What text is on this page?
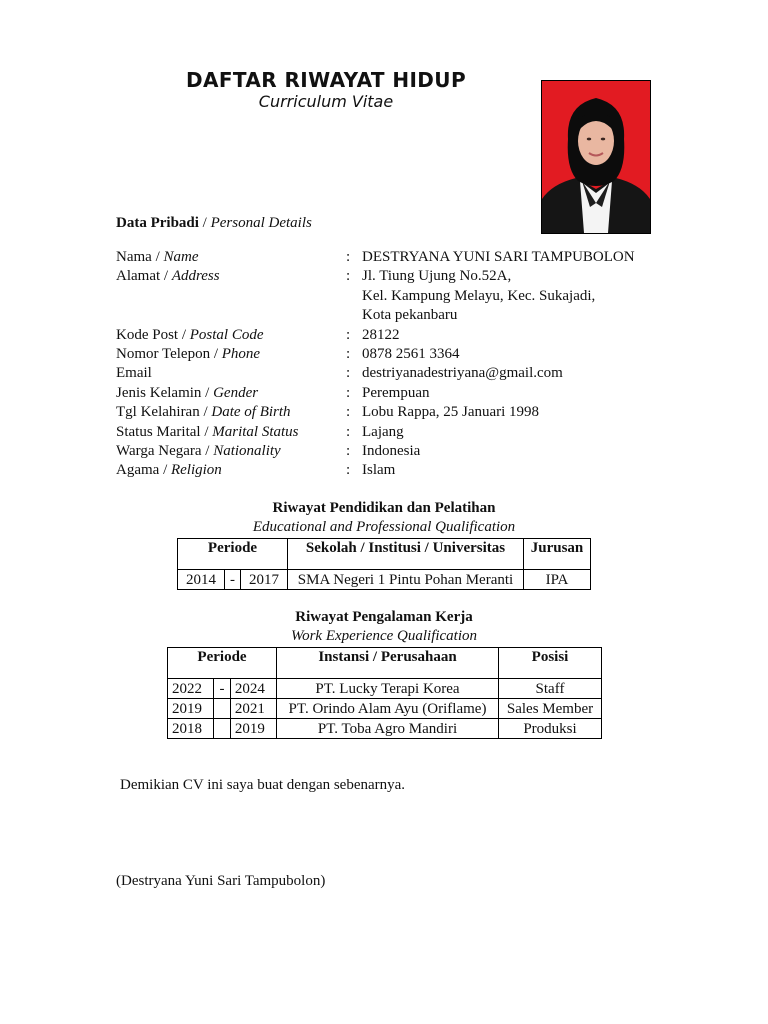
DAFTAR RIWAYAT HIDUP
Curriculum Vitae
Data Pribadi / Personal Details
Nama / Name	: DESTRYANA YUNI SARI TAMPUBOLON
Alamat / Address	: Jl. Tiung Ujung No.52A,
Kel. Kampung Melayu, Kec. Sukajadi,
Kota pekanbaru
Kode Post / Postal Code	: 28122
Nomor Telepon / Phone	: 0878 2561 3364
Email	: destriyanadestriyana@gmail.com
Jenis Kelamin / Gender	: Perempuan
Tgl Kelahiran / Date of Birth	: Lobu Rappa, 25 Januari 1998
Status Marital / Marital Status	: Lajang
Warga Negara / Nationality	: Indonesia
Agama / Religion	: Islam
Riwayat Pendidikan dan Pelatihan
Educational and Professional Qualification
Periode			Sekolah / Institusi / Universitas	Jurusan
2014	-	2017	SMA Negeri 1 Pintu Pohan Meranti	IPA
Riwayat Pengalaman Kerja
Work Experience Qualification
Periode			Instansi / Perusahaan	Posisi
2022	-	2024	PT. Lucky Terapi Korea	Staff
2019		2021	PT. Orindo Alam Ayu (Oriflame)	Sales Member
2018		2019	PT. Toba Agro Mandiri	Produksi
Demikian CV ini saya buat dengan sebenarnya.
(Destryana Yuni Sari Tampubolon)
